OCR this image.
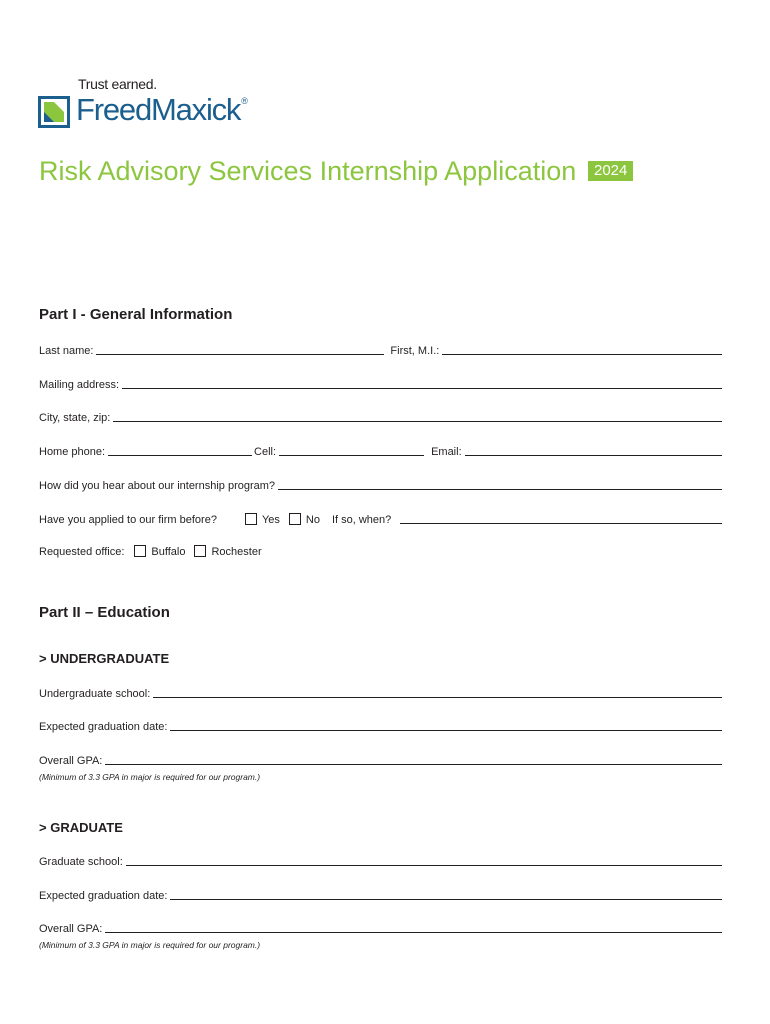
Trust earned.
FreedMaxick®
Risk Advisory Services Internship Application	2024
Part I - General Information
Last name:	First, M.I.:
Mailing address:
City, state, zip:
Home phone:	Cell:	Email:
How did you hear about our internship program?
Have you applied to our firm before?	Yes No If so, when?
Requested office: Buffalo Rochester
Part II – Education
> UNDERGRADUATE
Undergraduate school:
Expected graduation date:
Overall GPA:
(Minimum of 3.3 GPA in major is required for our program.)
> GRADUATE
Graduate school:
Expected graduation date:
Overall GPA:
(Minimum of 3.3 GPA in major is required for our program.)
